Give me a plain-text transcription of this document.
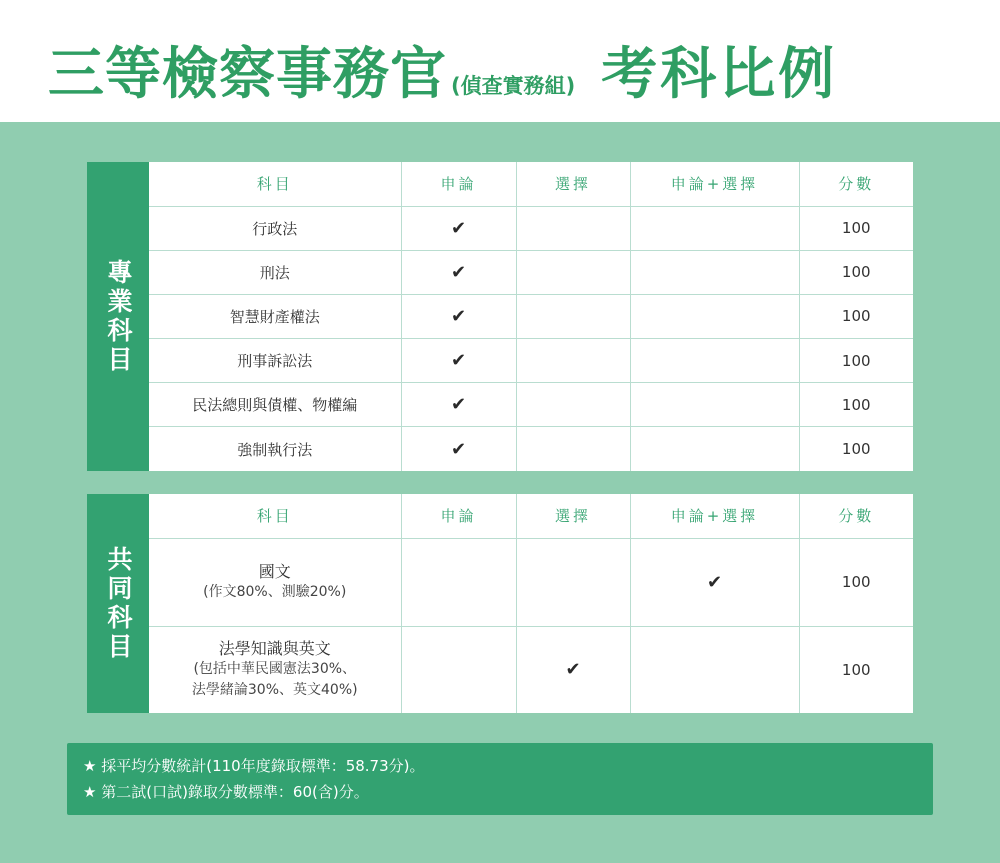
三等檢察事務官 (偵查實務組) 考科比例
專業科目
科目	申論	選擇	申論+選擇	分數
行政法	✔			100
刑法	✔			100
智慧財產權法	✔			100
刑事訴訟法	✔			100
民法總則與債權、物權編	✔			100
強制執行法	✔			100
共同科目
科目	申論	選擇	申論+選擇	分數

國文
(作文80%、測驗20%)			✔	100

法學知識與英文
(包括中華民國憲法30%、
法學緒論30%、英文40%)		✔		100
★ 採平均分數統計(110年度錄取標準：58.73分)。
★ 第二試(口試)錄取分數標準：60(含)分。
